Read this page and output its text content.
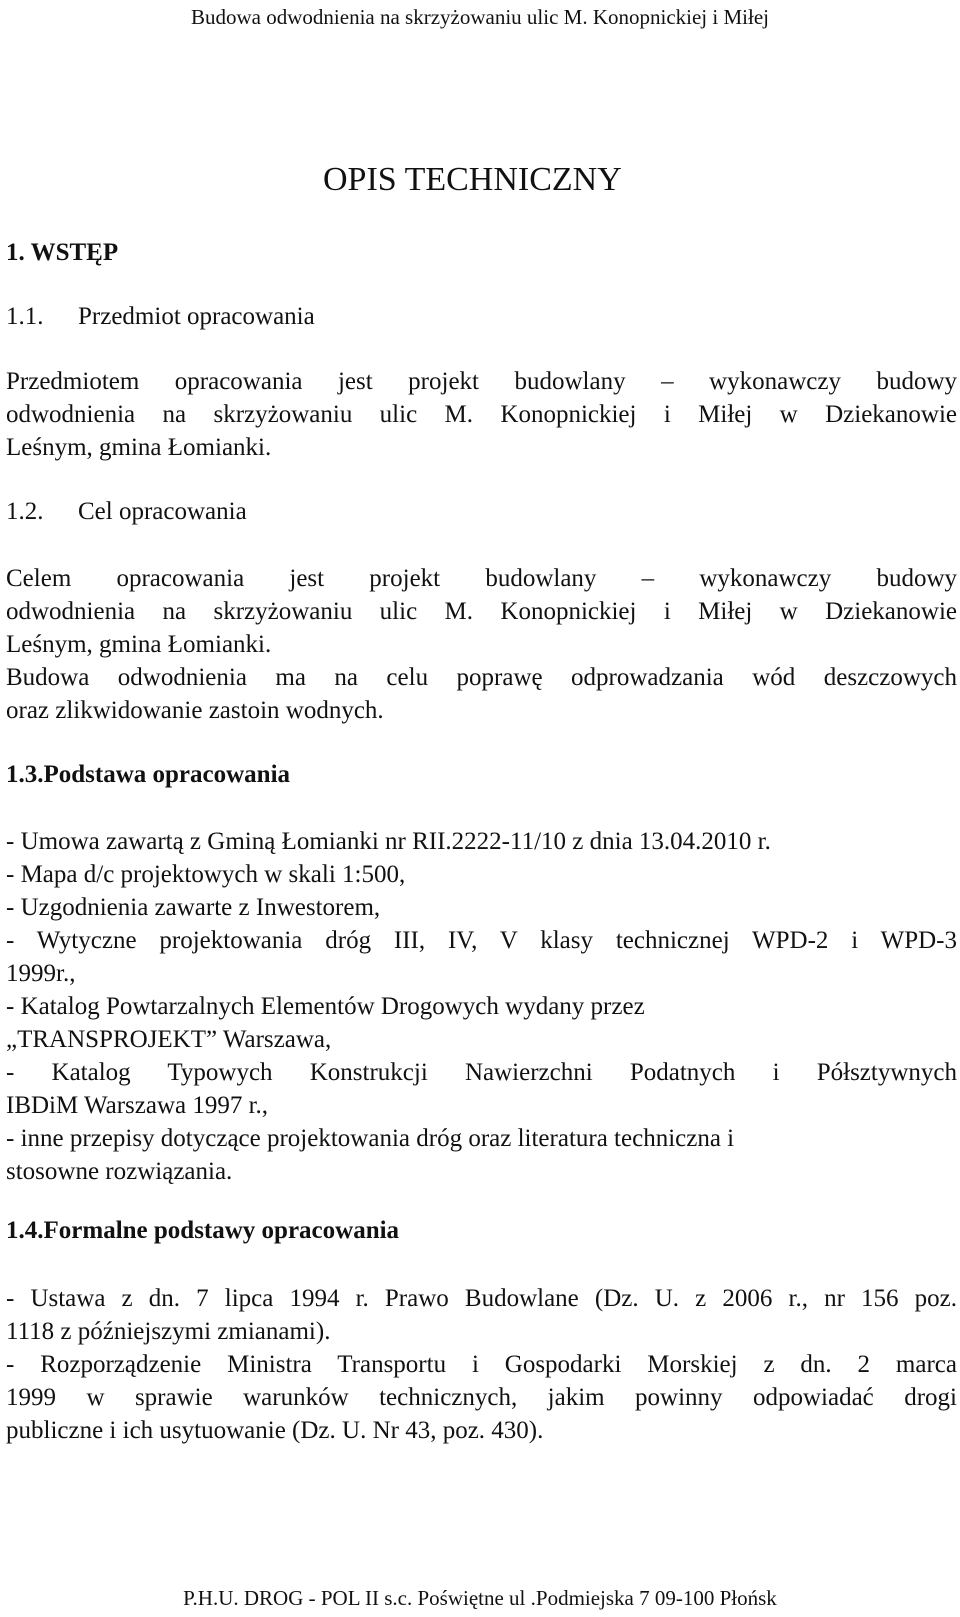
Budowa odwodnienia na skrzyżowaniu ulic M. Konopnickiej i Miłej
OPIS TECHNICZNY
1. WSTĘP
1.1. Przedmiot opracowania
Przedmiotem opracowania jest projekt budowlany – wykonawczy budowy
odwodnienia na skrzyżowaniu ulic M. Konopnickiej i Miłej w Dziekanowie
Leśnym, gmina Łomianki.
1.2. Cel opracowania
Celem opracowania jest projekt budowlany – wykonawczy budowy
odwodnienia na skrzyżowaniu ulic M. Konopnickiej i Miłej w Dziekanowie
Leśnym, gmina Łomianki.
Budowa odwodnienia ma na celu poprawę odprowadzania wód deszczowych
oraz zlikwidowanie zastoin wodnych.
1.3.Podstawa opracowania
- Umowa zawartą z Gminą Łomianki nr RII.2222-11/10 z dnia 13.04.2010 r.
- Mapa d/c projektowych w skali 1:500,
- Uzgodnienia zawarte z Inwestorem,
- Wytyczne projektowania dróg III, IV, V klasy technicznej WPD-2 i WPD-3
1999r.,
- Katalog Powtarzalnych Elementów Drogowych wydany przez
„TRANSPROJEKT” Warszawa,
- Katalog Typowych Konstrukcji Nawierzchni Podatnych i Półsztywnych
IBDiM Warszawa 1997 r.,
- inne przepisy dotyczące projektowania dróg oraz literatura techniczna i
stosowne rozwiązania.
1.4.Formalne podstawy opracowania
- Ustawa z dn. 7 lipca 1994 r. Prawo Budowlane (Dz. U. z 2006 r., nr 156 poz.
1118 z późniejszymi zmianami).
- Rozporządzenie Ministra Transportu i Gospodarki Morskiej z dn. 2 marca
1999 w sprawie warunków technicznych, jakim powinny odpowiadać drogi
publiczne i ich usytuowanie (Dz. U. Nr 43, poz. 430).
P.H.U. DROG - POL II s.c. Poświętne ul .Podmiejska 7 09-100 Płońsk
